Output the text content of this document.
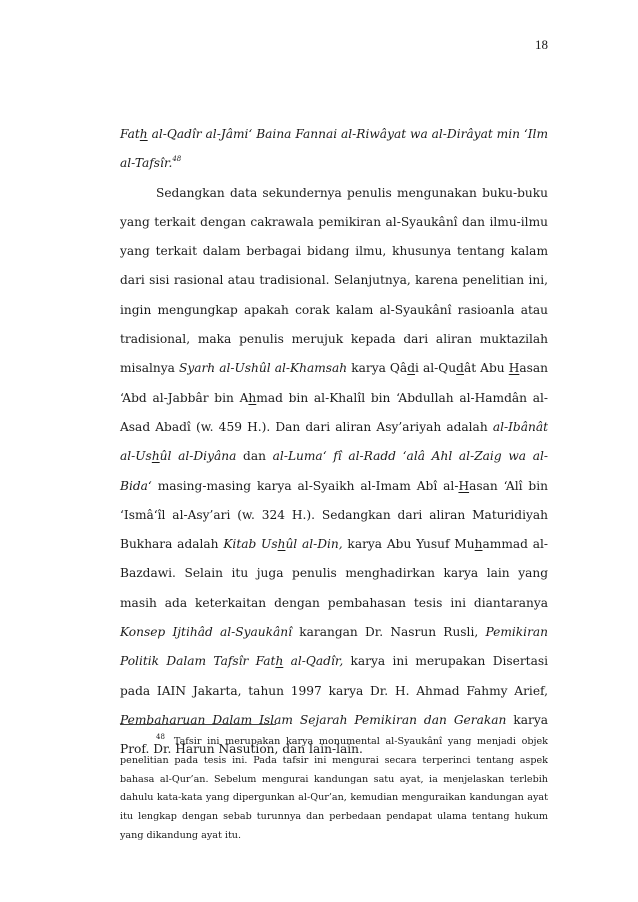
18

Fath al-Qadîr al-Jâmi‘ Baina Fannai al-Riwâyat wa al-Dirâyat min ‘Ilm al-Tafsîr.$^{48}$

Sedangkan data sekundernya penulis mengunakan buku-buku yang terkait dengan cakrawala pemikiran al-Syaukânî dan ilmu-ilmu yang terkait dalam berbagai bidang ilmu, khusunya tentang kalam dari sisi rasional atau tradisional. Selanjutnya, karena penelitian ini, ingin mengungkap apakah corak kalam al-Syaukânî rasioanla atau tradisional, maka penulis merujuk kepada dari aliran muktazilah misalnya Syarh al-Ushûl al-Khamsah karya Qâdi al-Qudât Abu Hasan ‘Abd al-Jabbâr bin Ahmad bin al-Khalîl bin ‘Abdullah al-Hamdân al-Asad Abadî (w. 459 H.). Dan dari aliran Asy’ariyah adalah al-Ibânât al-Ushûl al-Diyâna dan al-Luma‘ fî al-Radd ‘alâ Ahl al-Zaig wa al-Bida‘ masing-masing karya al-Syaikh al-Imam Abî al-Hasan ‘Alî bin ‘Ismâ‘îl al-Asy’ari (w. 324 H.). Sedangkan dari aliran Maturidiyah Bukhara adalah Kitab Ushûl al-Din, karya Abu Yusuf Muhammad al-Bazdawi. Selain itu juga penulis menghadirkan karya lain yang masih ada keterkaitan dengan pembahasan tesis ini diantaranya Konsep Ijtihâd al-Syaukânî karangan Dr. Nasrun Rusli, Pemikiran Politik Dalam Tafsîr Fath al-Qadîr, karya ini merupakan Disertasi pada IAIN Jakarta, tahun 1997 karya Dr. H. Ahmad Fahmy Arief, Pembaharuan Dalam Islam Sejarah Pemikiran dan Gerakan karya Prof. Dr. Harun Nasution, dan lain-lain.

$^{48}$ Tafsir ini merupakan karya monumental al-Syaukânî yang menjadi objek penelitian pada tesis ini. Pada tafsir ini mengurai secara terperinci tentang aspek bahasa al-Qur’an. Sebelum mengurai kandungan satu ayat, ia menjelaskan terlebih dahulu kata-kata yang dipergunkan al-Qur’an, kemudian menguraikan kandungan ayat itu lengkap dengan sebab turunnya dan perbedaan pendapat ulama tentang hukum yang dikandung ayat itu.
